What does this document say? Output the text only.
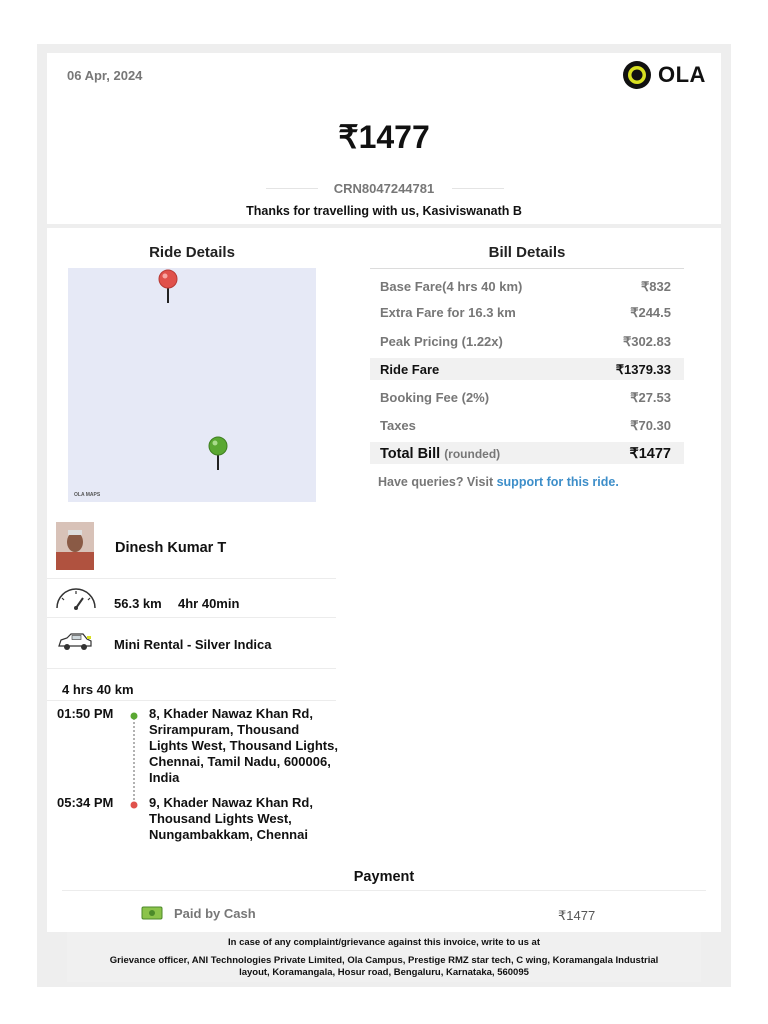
06 Apr, 2024	OLA
₹1477
CRN8047244781
Thanks for travelling with us, Kasiviswanath B
Ride Details
OLA MAPS
Dinesh Kumar T
56.3 km 4hr 40min
Mini Rental - Silver Indica
4 hrs 40 km
01:50 PM	8, Khader Nawaz Khan Rd, Srirampuram, Thousand Lights West, Thousand Lights, Chennai, Tamil Nadu, 600006, India
05:34 PM	9, Khader Nawaz Khan Rd, Thousand Lights West, Nungambakkam, Chennai
Bill Details
Base Fare(4 hrs 40 km)	₹832
Extra Fare for 16.3 km	₹244.5
Peak Pricing (1.22x)	₹302.83
Ride Fare	₹1379.33
Booking Fee (2%)	₹27.53
Taxes	₹70.30
Total Bill (rounded)	₹1477
Have queries? Visit support for this ride.
Payment
Paid by Cash	₹1477

In case of any complaint/grievance against this invoice, write to us at

Grievance officer, ANI Technologies Private Limited, Ola Campus, Prestige RMZ star tech, C wing, Koramangala Industrial layout, Koramangala, Hosur road, Bengaluru, Karnataka, 560095
